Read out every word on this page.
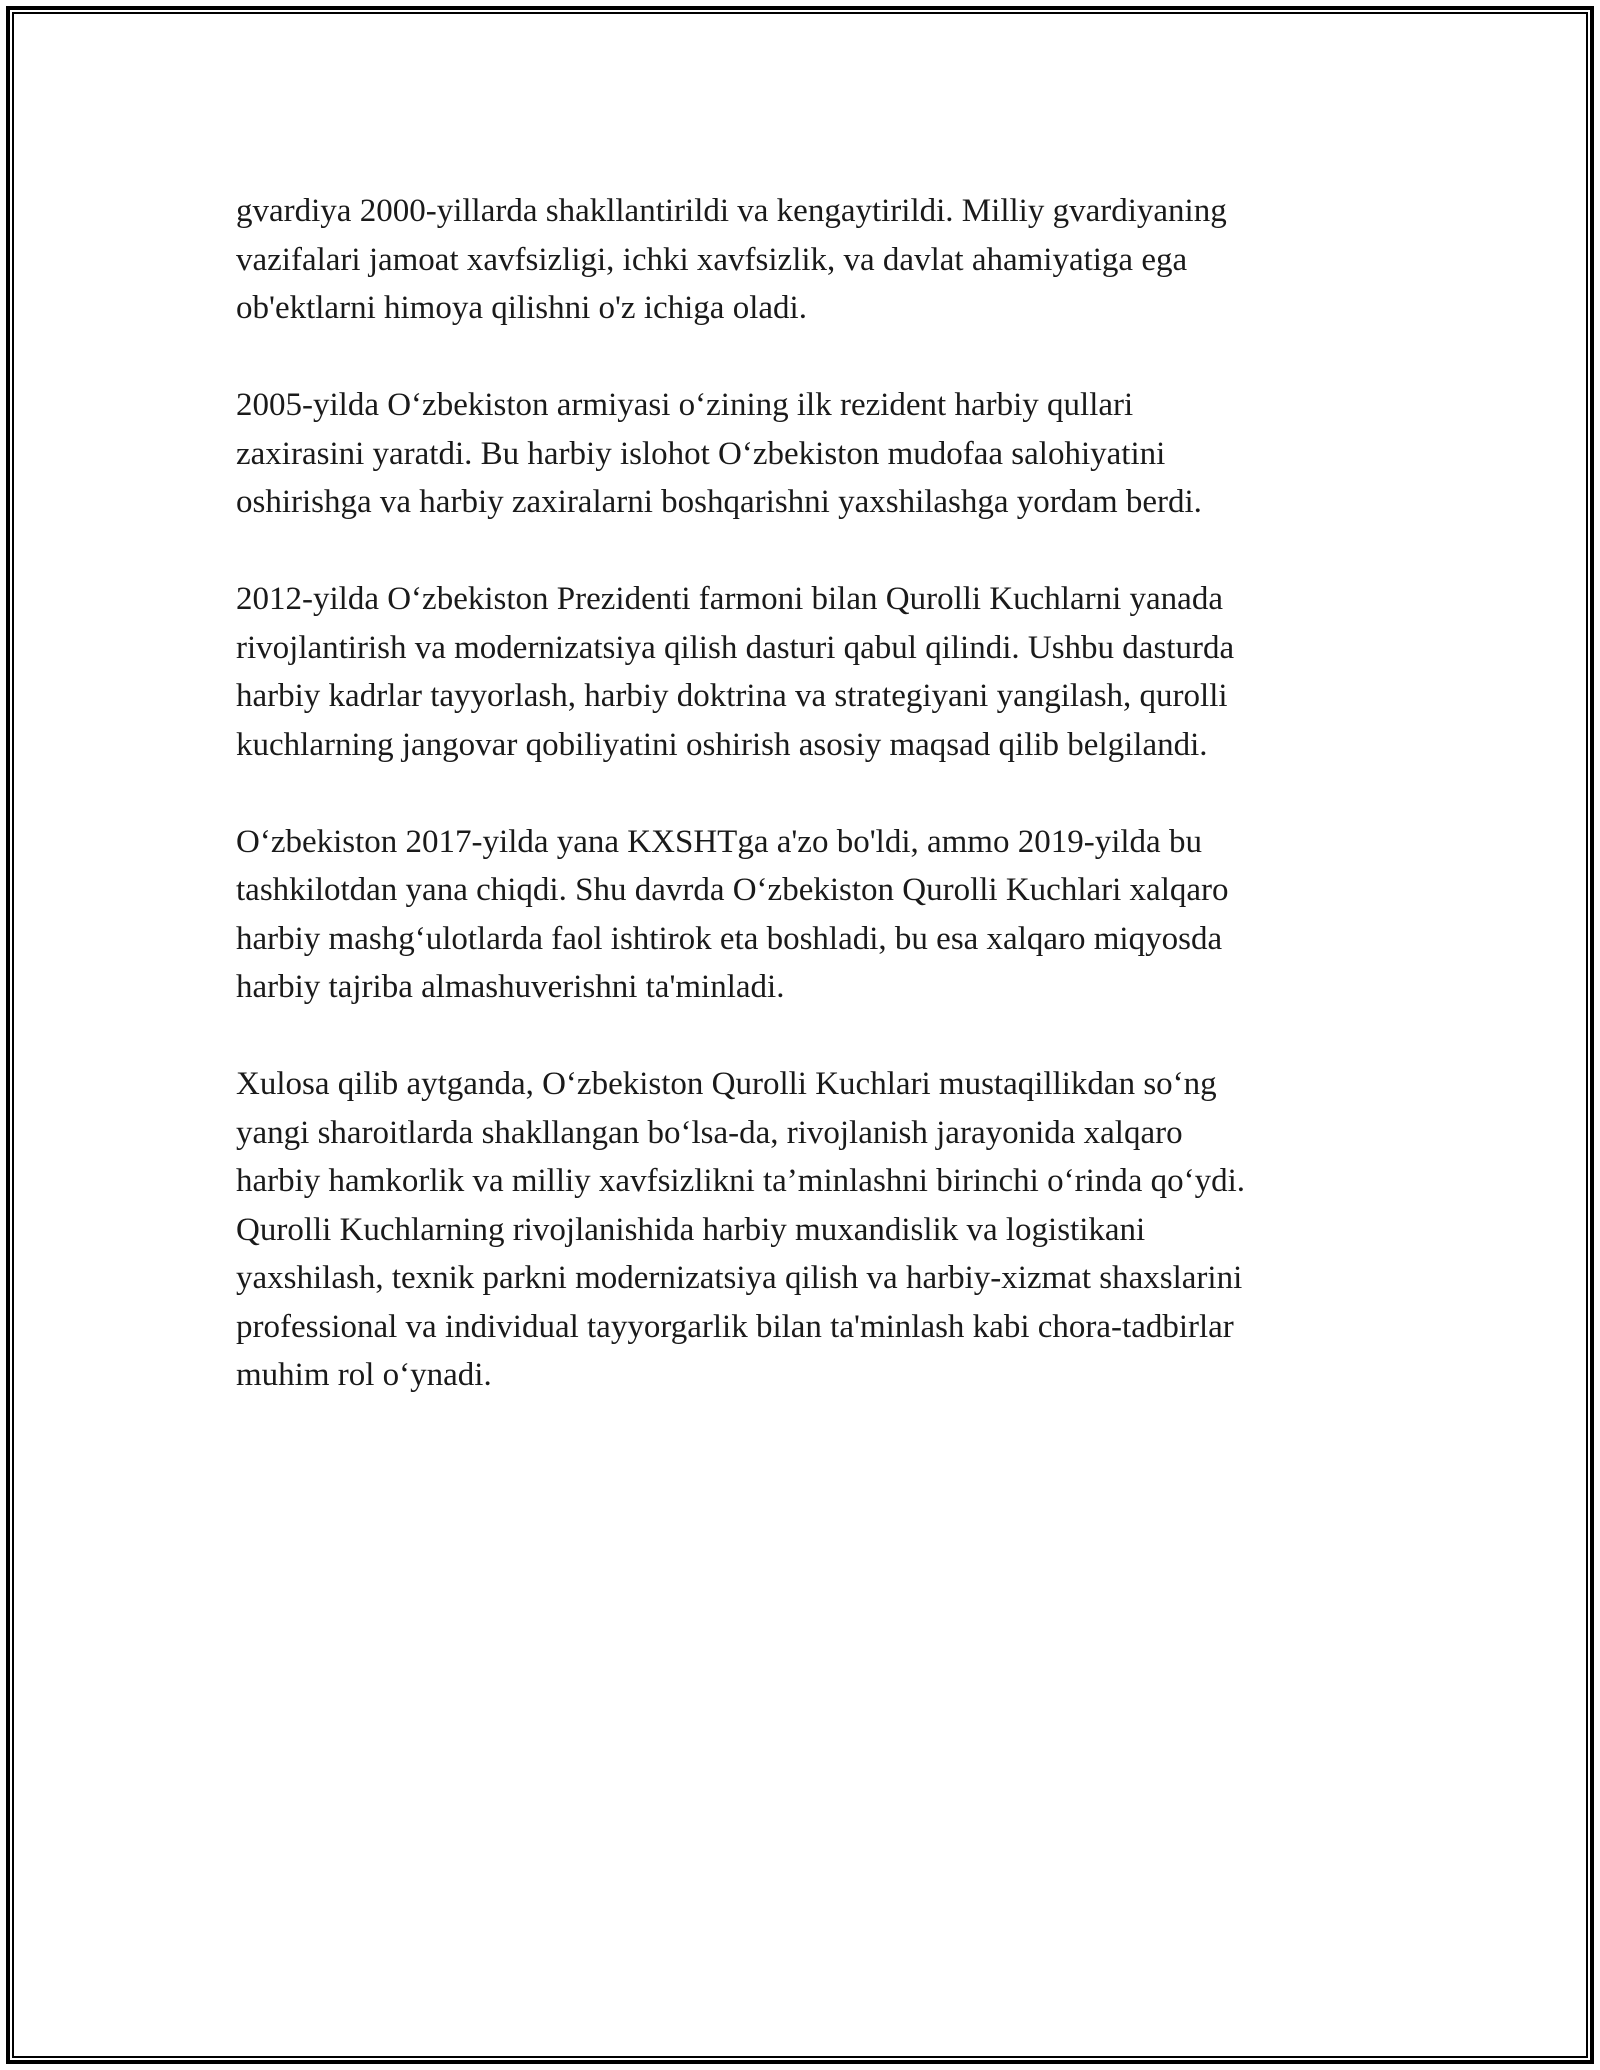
gvardiya 2000-yillarda shakllantirildi va kengaytirildi. Milliy gvardiyaning
vazifalari jamoat xavfsizligi, ichki xavfsizlik, va davlat ahamiyatiga ega
ob'ektlarni himoya qilishni o'z ichiga oladi.

2005-yilda O‘zbekiston armiyasi o‘zining ilk rezident harbiy qullari
zaxirasini yaratdi. Bu harbiy islohot O‘zbekiston mudofaa salohiyatini
oshirishga va harbiy zaxiralarni boshqarishni yaxshilashga yordam berdi.

2012-yilda O‘zbekiston Prezidenti farmoni bilan Qurolli Kuchlarni yanada
rivojlantirish va modernizatsiya qilish dasturi qabul qilindi. Ushbu dasturda
harbiy kadrlar tayyorlash, harbiy doktrina va strategiyani yangilash, qurolli
kuchlarning jangovar qobiliyatini oshirish asosiy maqsad qilib belgilandi.

O‘zbekiston 2017-yilda yana KXSHTga a'zo bo'ldi, ammo 2019-yilda bu
tashkilotdan yana chiqdi. Shu davrda O‘zbekiston Qurolli Kuchlari xalqaro
harbiy mashg‘ulotlarda faol ishtirok eta boshladi, bu esa xalqaro miqyosda
harbiy tajriba almashuverishni ta'minladi.

Xulosa qilib aytganda, O‘zbekiston Qurolli Kuchlari mustaqillikdan so‘ng
yangi sharoitlarda shakllangan bo‘lsa-da, rivojlanish jarayonida xalqaro
harbiy hamkorlik va milliy xavfsizlikni ta’minlashni birinchi o‘rinda qo‘ydi.
Qurolli Kuchlarning rivojlanishida harbiy muxandislik va logistikani
yaxshilash, texnik parkni modernizatsiya qilish va harbiy-xizmat shaxslarini
professional va individual tayyorgarlik bilan ta'minlash kabi chora-tadbirlar
muhim rol o‘ynadi.
